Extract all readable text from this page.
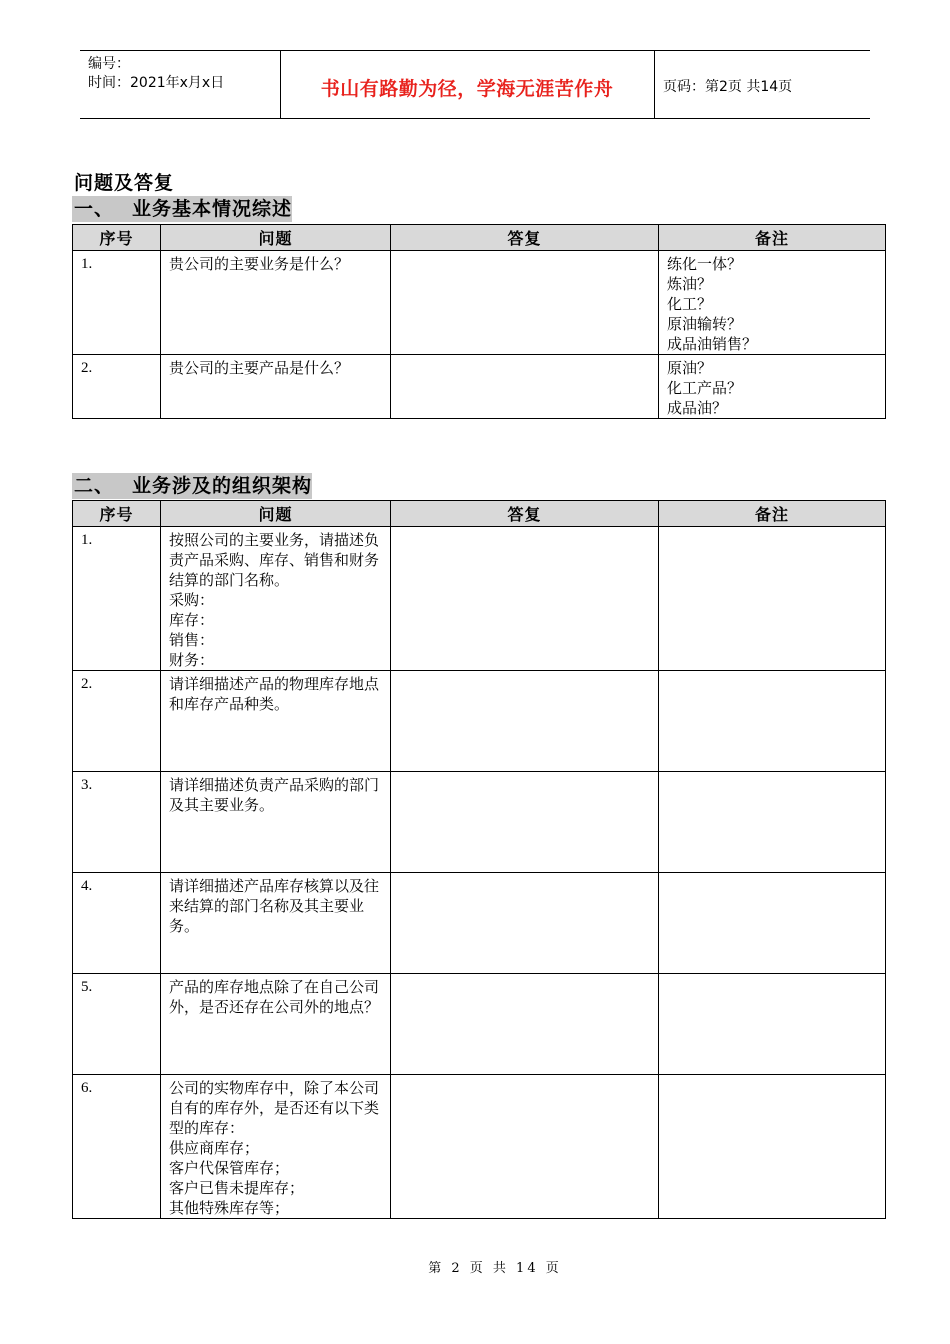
编号：
时间：2021年x月x日	书山有路勤为径，学海无涯苦作舟	页码：第2页 共14页
问题及答复
一、 业务基本情况综述
序号	问题	答复	备注
1.	贵公司的主要业务是什么？		练化一体？
炼油？
化工？
原油输转？
成品油销售？

2.	贵公司的主要产品是什么？		原油？
化工产品？
成品油？
二、 业务涉及的组织架构
序号	问题	答复	备注
1.	按照公司的主要业务，请描述负责产品采购、库存、销售和财务结算的部门名称。
采购：
库存：
销售：
财务：		

2.	请详细描述产品的物理库存地点和库存产品种类。		
3.	请详细描述负责产品采购的部门及其主要业务。		
4.	请详细描述产品库存核算以及往来结算的部门名称及其主要业务。		
5.	产品的库存地点除了在自己公司外，是否还存在公司外的地点？		
6.	公司的实物库存中，除了本公司自有的库存外，是否还有以下类型的库存：
供应商库存；
客户代保管库存；
客户已售未提库存；
其他特殊库存等；		

第 2 页 共 14 页
